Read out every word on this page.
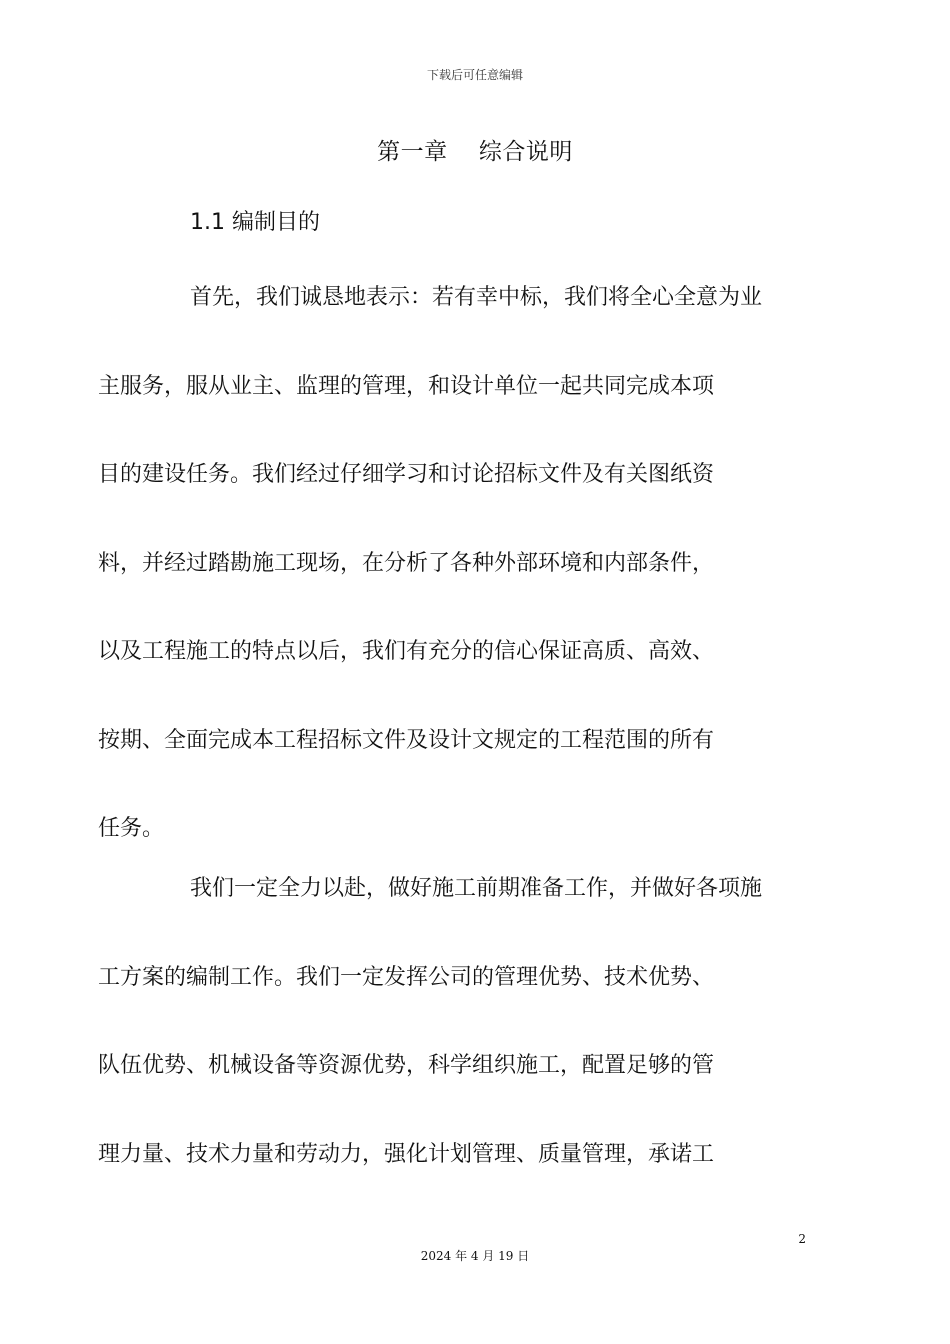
下载后可任意编辑
第一章    综合说明
1.1 编制目的

首先，我们诚恳地表示：若有幸中标，我们将全心全意为业
主服务，服从业主、监理的管理，和设计单位一起共同完成本项
目的建设任务。我们经过仔细学习和讨论招标文件及有关图纸资
料，并经过踏勘施工现场，在分析了各种外部环境和内部条件，
以及工程施工的特点以后，我们有充分的信心保证高质、高效、
按期、全面完成本工程招标文件及设计文规定的工程范围的所有
任务。

我们一定全力以赴，做好施工前期准备工作，并做好各项施
工方案的编制工作。我们一定发挥公司的管理优势、技术优势、
队伍优势、机械设备等资源优势，科学组织施工，配置足够的管
理力量、技术力量和劳动力，强化计划管理、质量管理，承诺工

2
2024 年 4 月 19 日
